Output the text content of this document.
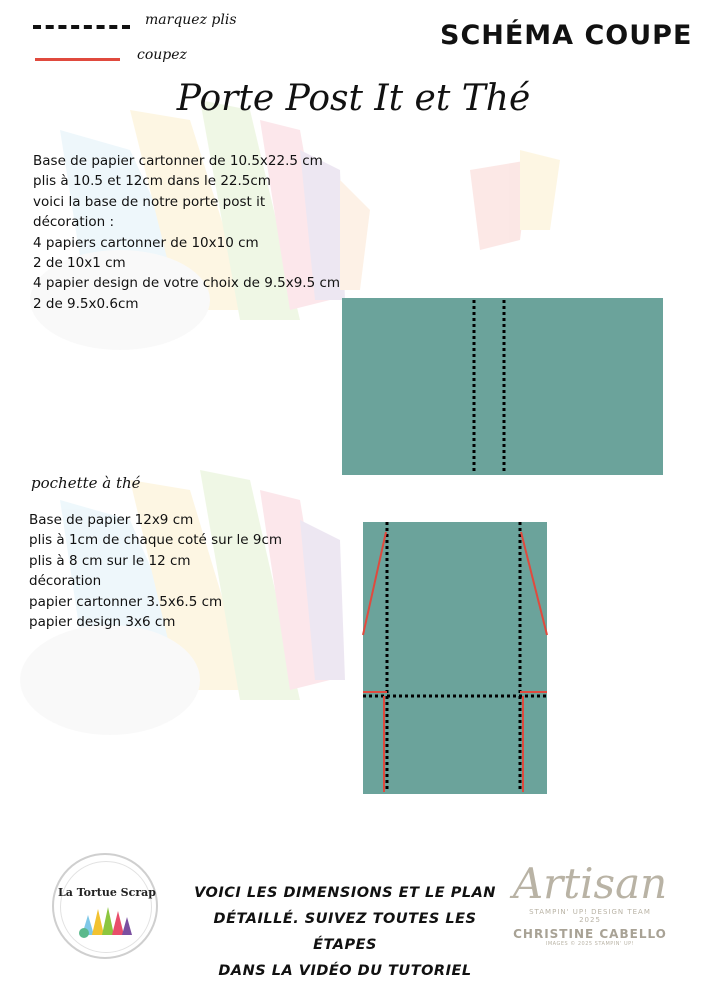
marquez plis
coupez
SCHÉMA COUPE
Porte Post It et Thé
Base de papier cartonner de 10.5x22.5 cm
plis à 10.5 et 12cm dans le 22.5cm
voici la base de notre porte post it
décoration :
4 papiers cartonner de 10x10 cm
2 de 10x1 cm
4 papier design de votre choix de 9.5x9.5 cm
2 de 9.5x0.6cm
pochette à thé
Base de papier 12x9 cm
plis à 1cm de chaque coté sur le 9cm
plis à 8 cm sur le 12 cm
décoration
papier cartonner 3.5x6.5 cm
papier design 3x6 cm
La Tortue Scrap	VOICI LES DIMENSIONS ET LE PLAN
DÉTAILLÉ. SUIVEZ TOUTES LES ÉTAPES
DANS LA VIDÉO DU TUTORIEL
Artisan
STAMPIN' UP! DESIGN TEAM
2025
CHRISTINE CABELLO
IMAGES © 2025 STAMPIN' UP!
